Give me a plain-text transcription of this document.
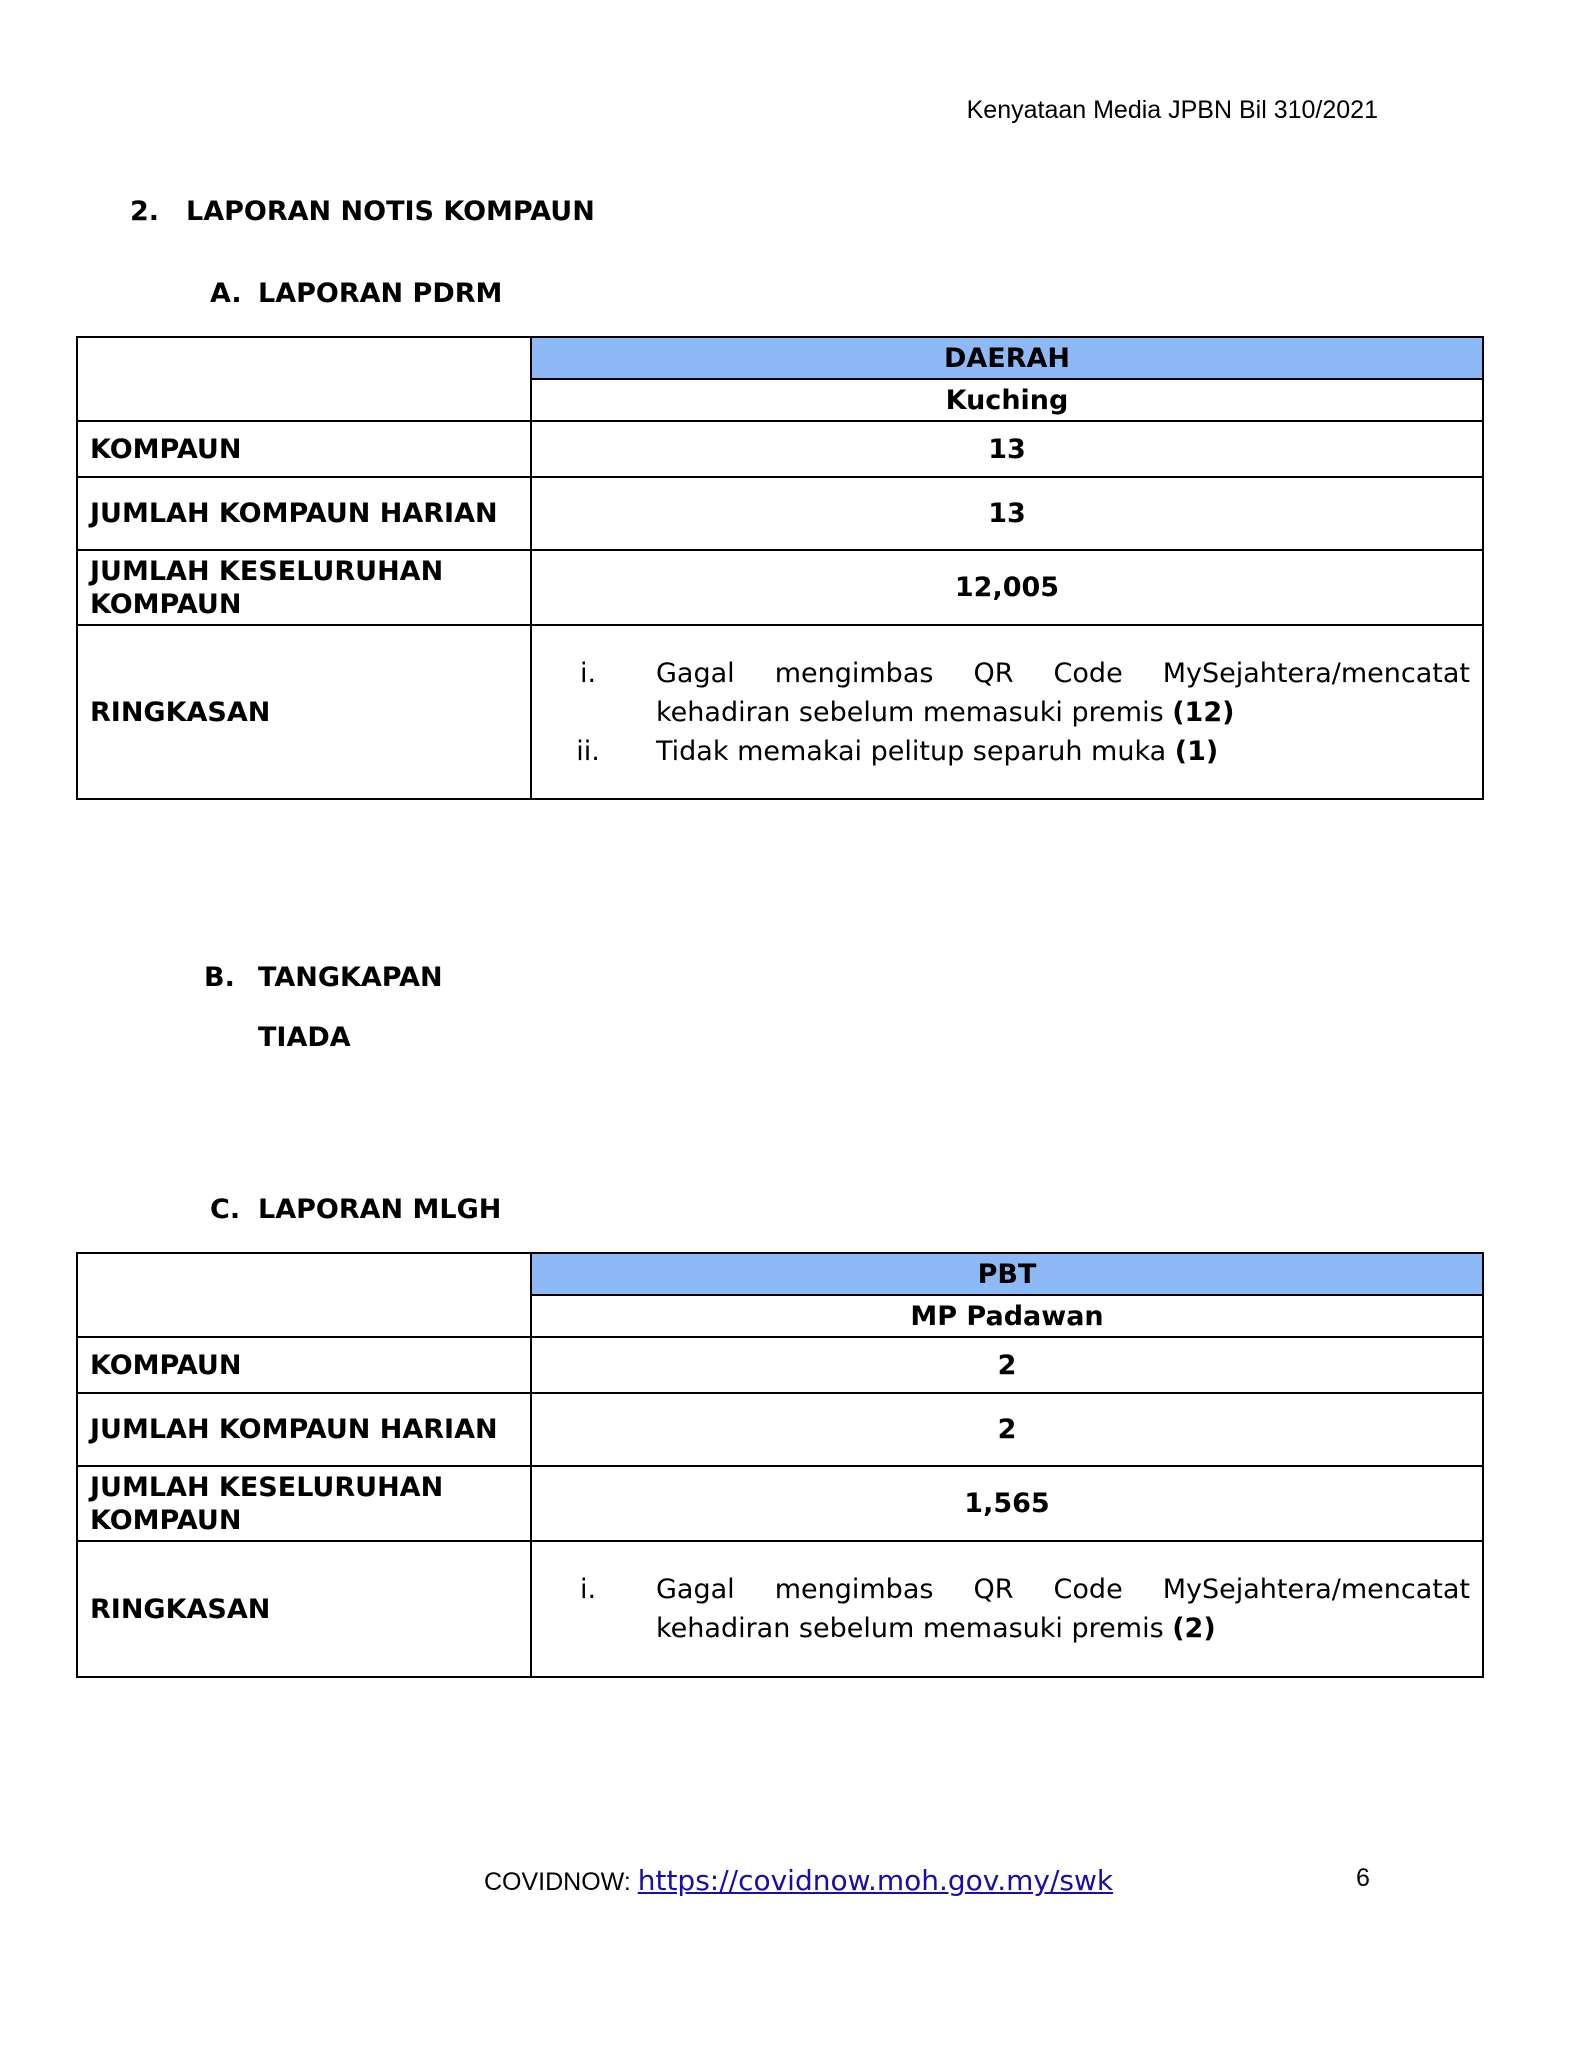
Kenyataan Media JPBN Bil 310/2021
2. LAPORAN NOTIS KOMPAUN
A. LAPORAN PDRM
	DAERAH
	Kuching
KOMPAUN	13
JUMLAH KOMPAUN HARIAN	13
JUMLAH KESELURUHAN
KOMPAUN	12,005
RINGKASAN	i. Gagal mengimbas QR Code MySejahtera/mencatat kehadiran sebelum memasuki premis (12)
ii. Tidak memakai pelitup separuh muka (1)
B. TANGKAPAN
TIADA
C. LAPORAN MLGH
	PBT
	MP Padawan
KOMPAUN	2
JUMLAH KOMPAUN HARIAN	2
JUMLAH KESELURUHAN
KOMPAUN	1,565
RINGKASAN	i. Gagal mengimbas QR Code MySejahtera/mencatat kehadiran sebelum memasuki premis (2)
COVIDNOW: https://covidnow.moh.gov.my/swk	6
